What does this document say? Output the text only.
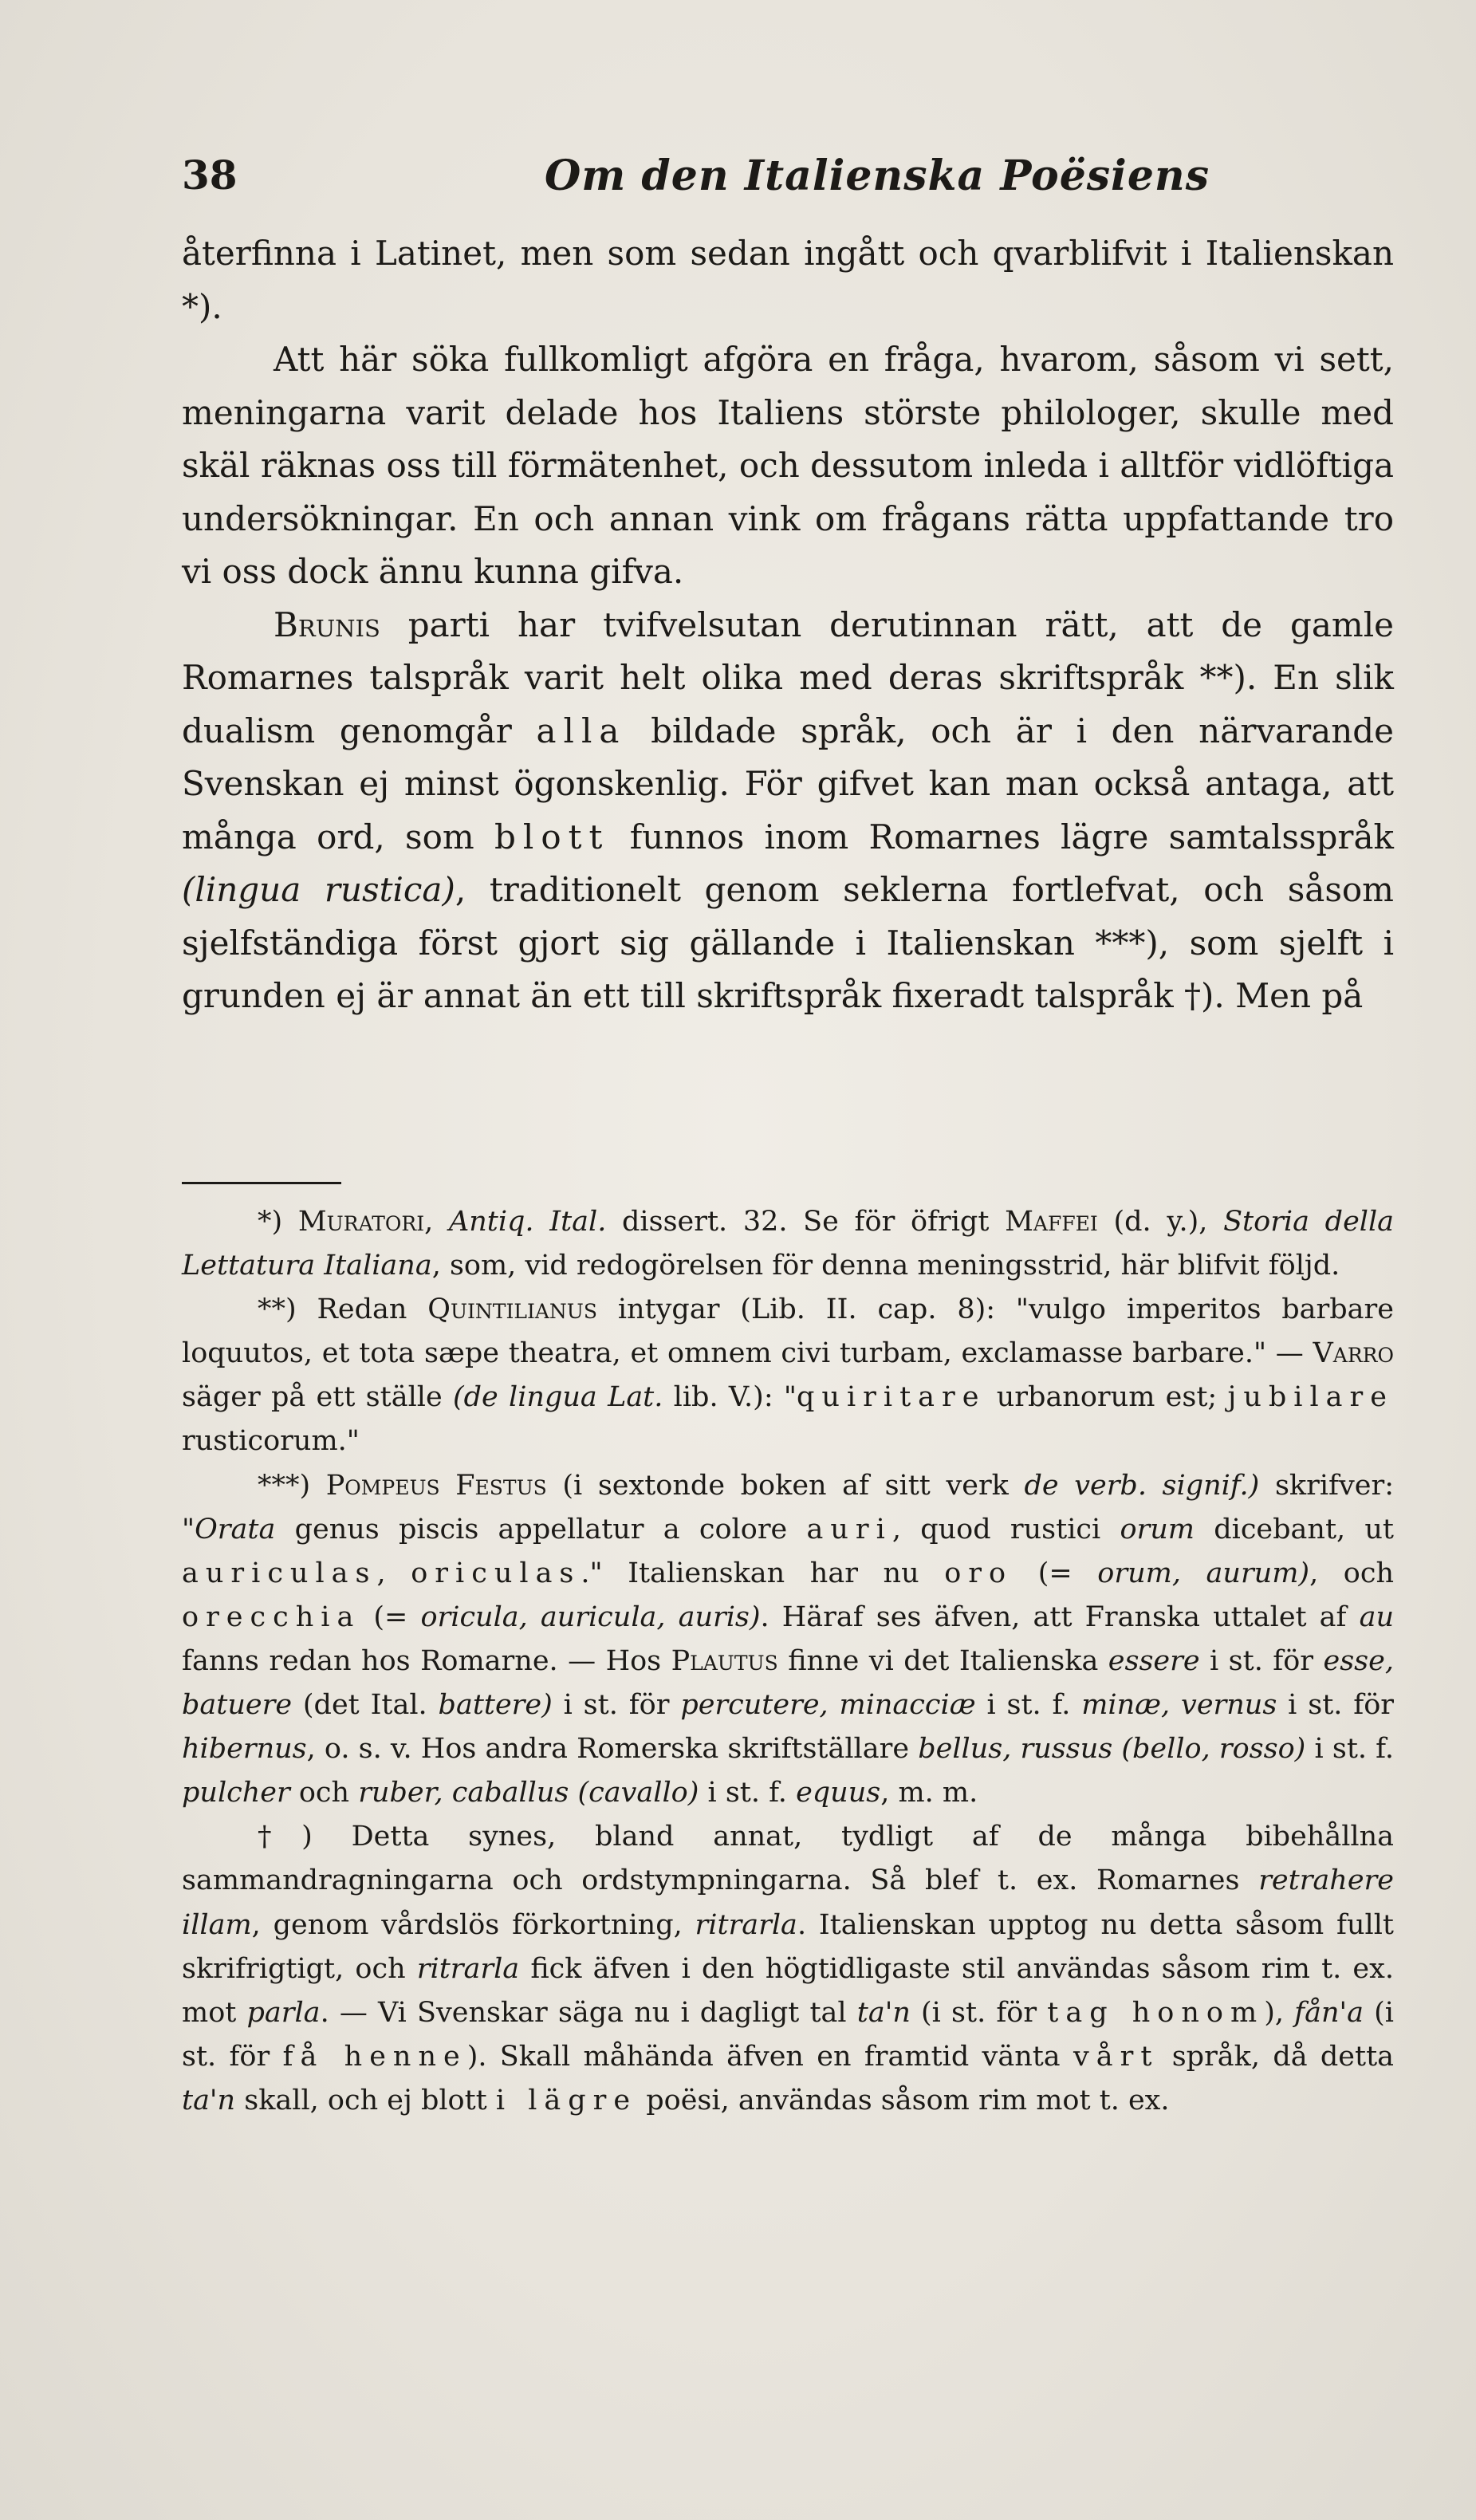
38	Om den Italienska Poësiens

återfinna i Latinet, men som sedan ingått och qvarblifvit i Italienskan *).

Att här söka fullkomligt afgöra en fråga, hvarom, såsom vi sett, meningarna varit delade hos Italiens störste philologer, skulle med skäl räknas oss till förmätenhet, och dessutom inleda i alltför vidlöftiga undersökningar. En och annan vink om frågans rätta uppfattande tro vi oss dock ännu kunna gifva.

Brunis parti har tvifvelsutan derutinnan rätt, att de gamle Romarnes talspråk varit helt olika med deras skriftspråk **). En slik dualism genomgår alla bildade språk, och är i den närvarande Svenskan ej minst ögonskenlig. För gifvet kan man också antaga, att många ord, som blott funnos inom Romarnes lägre samtalsspråk (lingua rustica), traditionelt genom seklerna fortlefvat, och såsom sjelfständiga först gjort sig gällande i Italienskan ***), som sjelft i grunden ej är annat än ett till skriftspråk fixeradt talspråk †). Men på

*) Muratori, Antiq. Ital. dissert. 32. Se för öfrigt Maffei (d. y.), Storia della Lettatura Italiana, som, vid redogörelsen för denna meningsstrid, här blifvit följd.

**) Redan Quintilianus intygar (Lib. II. cap. 8): "vulgo imperitos barbare loquutos, et tota sæpe theatra, et omnem civi turbam, exclamasse barbare." — Varro säger på ett ställe (de lingua Lat. lib. V.): "quiritare urbanorum est; jubilare rusticorum."

***) Pompeus Festus (i sextonde boken af sitt verk de verb. signif.) skrifver: "Orata genus piscis appellatur a colore auri, quod rustici orum dicebant, ut auriculas, oriculas." Italienskan har nu oro (= orum, aurum), och orecchia (= oricula, auricula, auris). Häraf ses äfven, att Franska uttalet af au fanns redan hos Romarne. — Hos Plautus finne vi det Italienska essere i st. för esse, batuere (det Ital. battere) i st. för percutere, minacciæ i st. f. minæ, vernus i st. för hibernus, o. s. v. Hos andra Romerska skriftställare bellus, russus (bello, rosso) i st. f. pulcher och ruber, caballus (cavallo) i st. f. equus, m. m.

†) Detta synes, bland annat, tydligt af de många bibehållna sammandragningarna och ordstympningarna. Så blef t. ex. Romarnes retrahere illam, genom vårdslös förkortning, ritrarla. Italienskan upptog nu detta såsom fullt skrifrigtigt, och ritrarla fick äfven i den högtidligaste stil användas såsom rim t. ex. mot parla. — Vi Svenskar säga nu i dagligt tal ta'n (i st. för tag honom), fån'a (i st. för få henne). Skall måhända äfven en framtid vänta vårt språk, då detta ta'n skall, och ej blott i lägre poësi, användas såsom rim mot t. ex.
